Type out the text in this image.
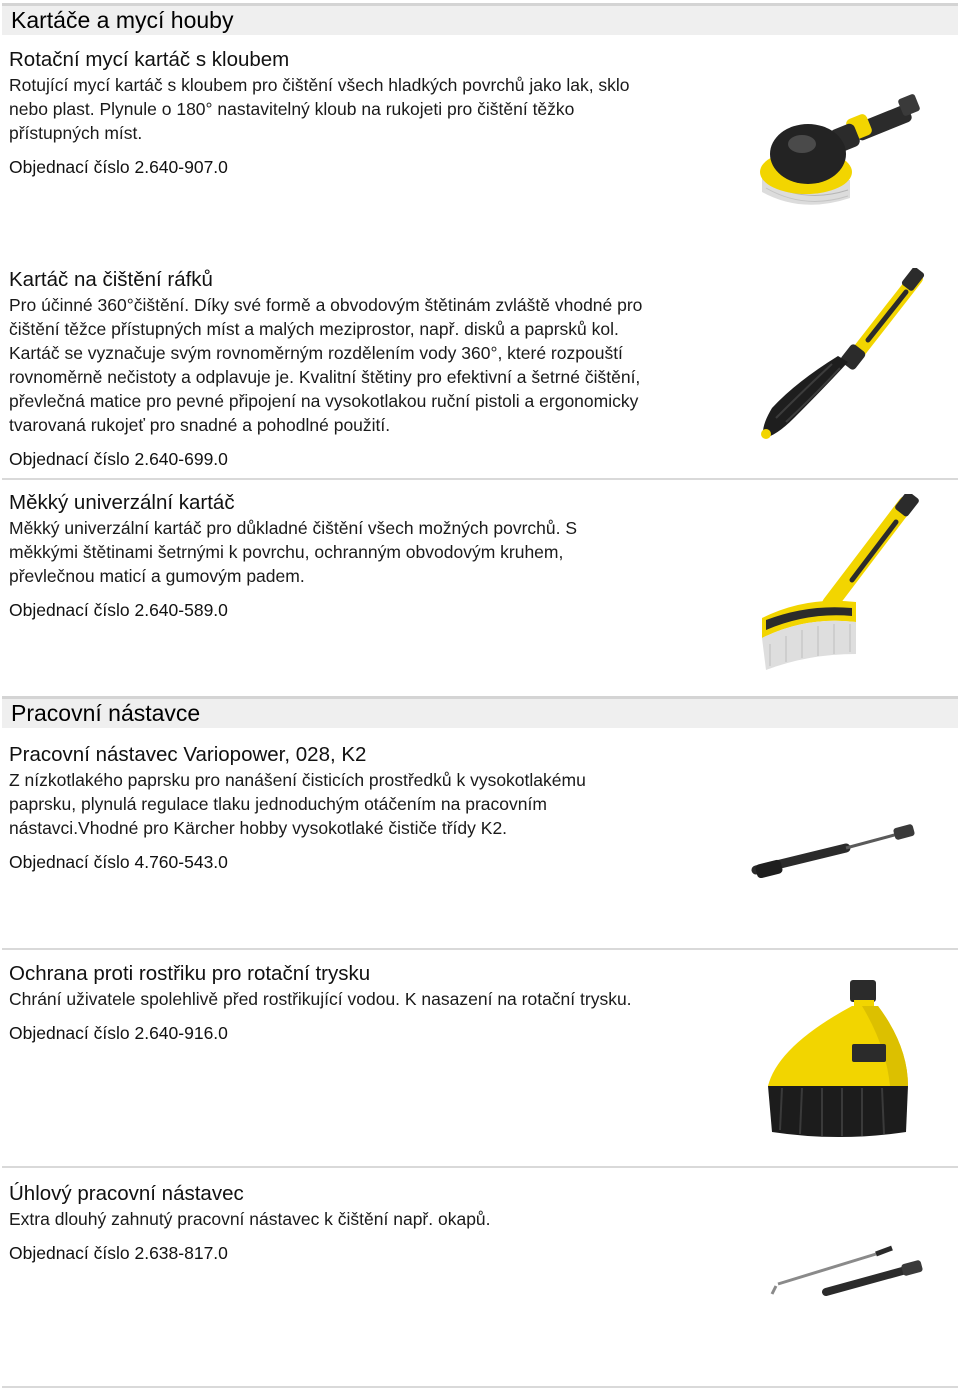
Kartáče a mycí houby
Rotační mycí kartáč s kloubem
Rotující mycí kartáč s kloubem pro čištění všech hladkých povrchů jako lak, sklo
nebo plast. Plynule o 180° nastavitelný kloub na rukojeti pro čištění těžko
přístupných míst.
Objednací číslo 2.640-907.0
Kartáč na čištění ráfků
Pro účinné 360°čištění. Díky své formě a obvodovým štětinám zvláště vhodné pro
čištění těžce přístupných míst a malých meziprostor, např. disků a paprsků kol.
Kartáč se vyznačuje svým rovnoměrným rozdělením vody 360°, které rozpouští
rovnoměrně nečistoty a odplavuje je. Kvalitní štětiny pro efektivní a šetrné čištění,
převlečná matice pro pevné připojení na vysokotlakou ruční pistoli a ergonomicky
tvarovaná rukojeť pro snadné a pohodlné použití.
Objednací číslo 2.640-699.0
Měkký univerzální kartáč
Měkký univerzální kartáč pro důkladné čištění všech možných povrchů. S
měkkými štětinami šetrnými k povrchu, ochranným obvodovým kruhem,
převlečnou maticí a gumovým padem.
Objednací číslo 2.640-589.0
Pracovní nástavce
Pracovní nástavec Variopower, 028, K2
Z nízkotlakého paprsku pro nanášení čisticích prostředků k vysokotlakému
paprsku, plynulá regulace tlaku jednoduchým otáčením na pracovním
nástavci.Vhodné pro Kärcher hobby vysokotlaké čističe třídy K2.
Objednací číslo 4.760-543.0
Ochrana proti rostřiku pro rotační trysku
Chrání uživatele spolehlivě před rostřikující vodou. K nasazení na rotační trysku.
Objednací číslo 2.640-916.0
Úhlový pracovní nástavec
Extra dlouhý zahnutý pracovní nástavec k čištění např. okapů.
Objednací číslo 2.638-817.0
